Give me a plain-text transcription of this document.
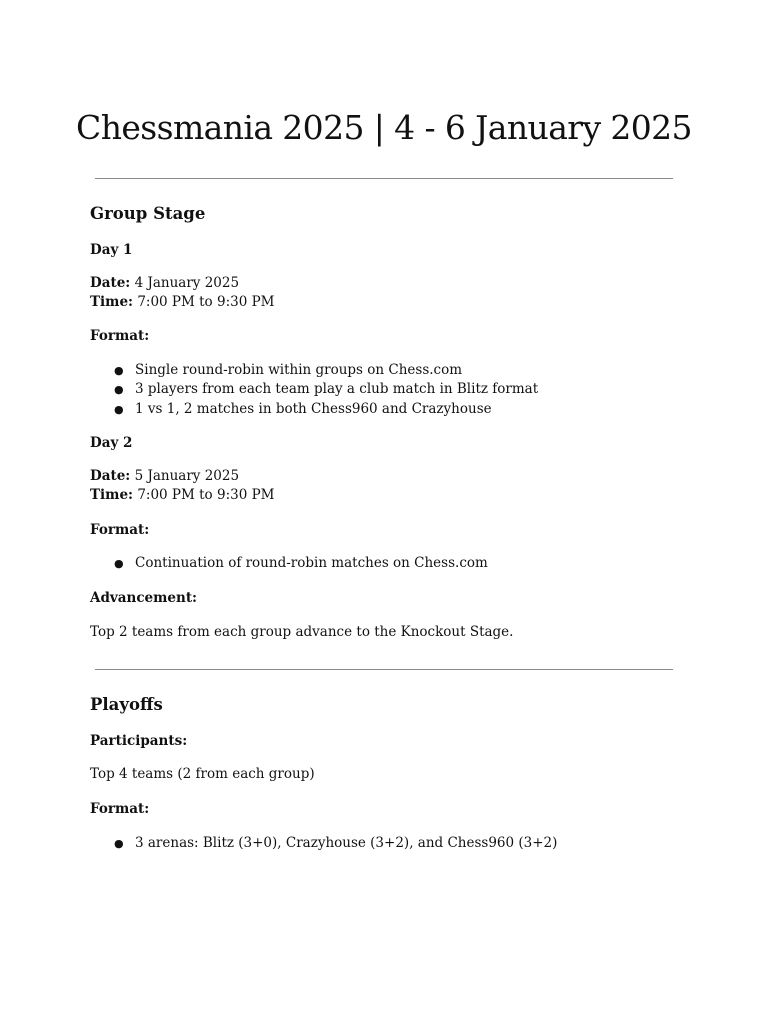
Chessmania 2025 | 4 - 6 January 2025
Group Stage
Day 1
Date: 4 January 2025
Time: 7:00 PM to 9:30 PM
Format:
● Single round-robin within groups on Chess.com
● 3 players from each team play a club match in Blitz format
● 1 vs 1, 2 matches in both Chess960 and Crazyhouse
Day 2
Date: 5 January 2025
Time: 7:00 PM to 9:30 PM
Format:
● Continuation of round-robin matches on Chess.com
Advancement:
Top 2 teams from each group advance to the Knockout Stage.
Playoffs
Participants:
Top 4 teams (2 from each group)
Format:
● 3 arenas: Blitz (3+0), Crazyhouse (3+2), and Chess960 (3+2)
